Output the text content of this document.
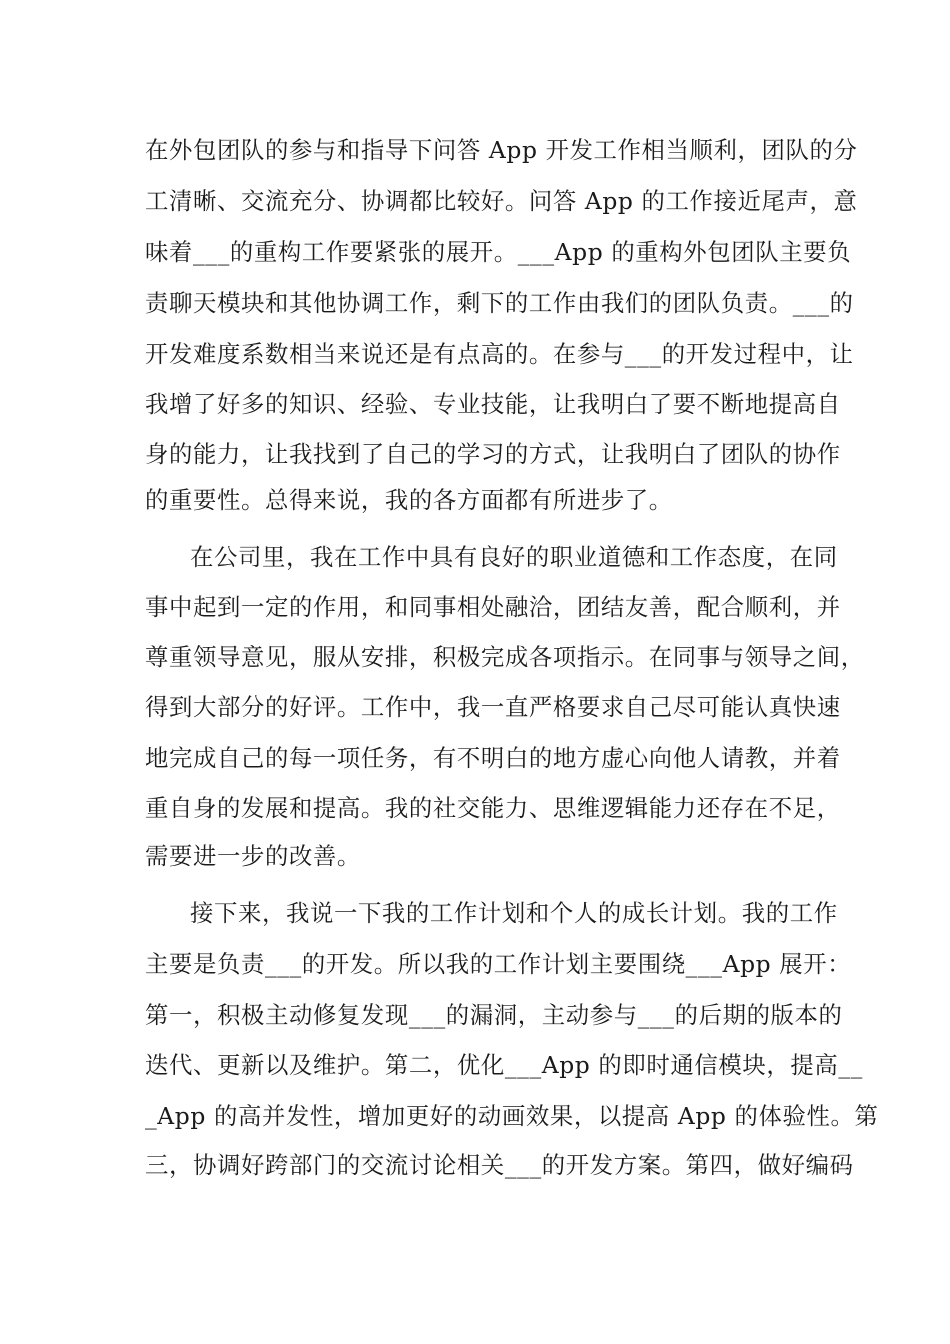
在外包团队的参与和指导下问答 App 开发工作相当顺利，团队的分
工清晰、交流充分、协调都比较好。问答 App 的工作接近尾声，意
味着___的重构工作要紧张的展开。___App 的重构外包团队主要负
责聊天模块和其他协调工作，剩下的工作由我们的团队负责。___的
开发难度系数相当来说还是有点高的。在参与___的开发过程中，让
我增了好多的知识、经验、专业技能，让我明白了要不断地提高自
身的能力，让我找到了自己的学习的方式，让我明白了团队的协作
的重要性。总得来说，我的各方面都有所进步了。
在公司里，我在工作中具有良好的职业道德和工作态度，在同
事中起到一定的作用，和同事相处融洽，团结友善，配合顺利，并
尊重领导意见，服从安排，积极完成各项指示。在同事与领导之间，
得到大部分的好评。工作中，我一直严格要求自己尽可能认真快速
地完成自己的每一项任务，有不明白的地方虚心向他人请教，并着
重自身的发展和提高。我的社交能力、思维逻辑能力还存在不足，
需要进一步的改善。
接下来，我说一下我的工作计划和个人的成长计划。我的工作
主要是负责___的开发。所以我的工作计划主要围绕___App 展开：
第一，积极主动修复发现___的漏洞，主动参与___的后期的版本的
迭代、更新以及维护。第二，优化___App 的即时通信模块，提高__
_App 的高并发性，增加更好的动画效果，以提高 App 的体验性。第
三，协调好跨部门的交流讨论相关___的开发方案。第四，做好编码
